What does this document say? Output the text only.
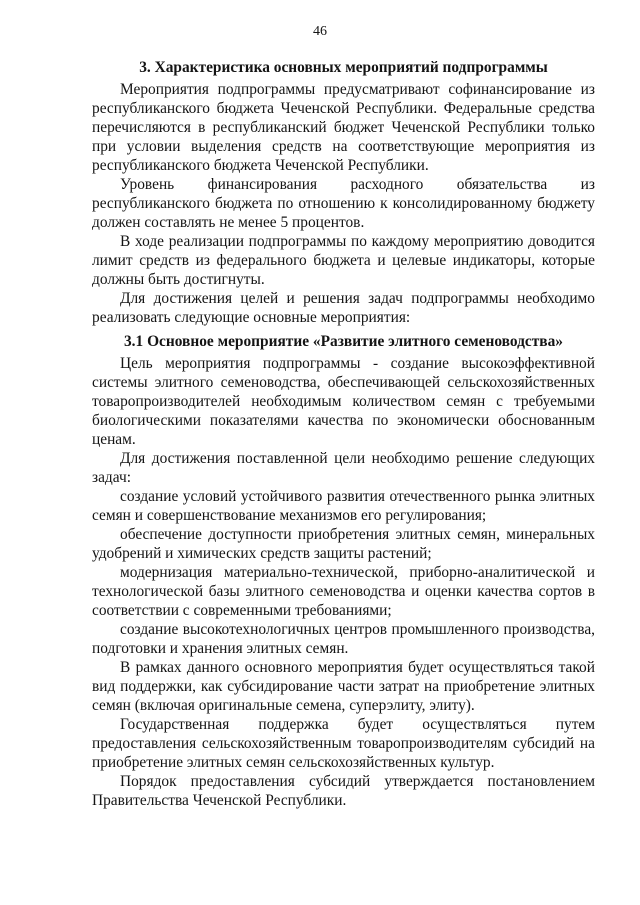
46
3. Характеристика основных мероприятий подпрограммы

Мероприятия подпрограммы предусматривают софинансирование из республиканского бюджета Чеченской Республики. Федеральные средства перечисляются в республиканский бюджет Чеченской Республики только при условии выделения средств на соответствующие мероприятия из республиканского бюджета Чеченской Республики.

Уровень финансирования расходного обязательства из республиканского бюджета по отношению к консолидированному бюджету должен составлять не менее 5 процентов.

В ходе реализации подпрограммы по каждому мероприятию доводится лимит средств из федерального бюджета и целевые индикаторы, которые должны быть достигнуты.

Для достижения целей и решения задач подпрограммы необходимо реализовать следующие основные мероприятия:

3.1 Основное мероприятие «Развитие элитного семеноводства»

Цель мероприятия подпрограммы - создание высокоэффективной системы элитного семеноводства, обеспечивающей сельскохозяйственных товаропроизводителей необходимым количеством семян с требуемыми биологическими показателями качества по экономически обоснованным ценам.

Для достижения поставленной цели необходимо решение следующих задач:

создание условий устойчивого развития отечественного рынка элитных семян и совершенствование механизмов его регулирования;

обеспечение доступности приобретения элитных семян, минеральных удобрений и химических средств защиты растений;

модернизация материально-технической, приборно-аналитической и технологической базы элитного семеноводства и оценки качества сортов в соответствии с современными требованиями;

создание высокотехнологичных центров промышленного производства, подготовки и хранения элитных семян.

В рамках данного основного мероприятия будет осуществляться такой вид поддержки, как субсидирование части затрат на приобретение элитных семян (включая оригинальные семена, суперэлиту, элиту).

Государственная поддержка будет осуществляться путем предоставления сельскохозяйственным товаропроизводителям субсидий на приобретение элитных семян сельскохозяйственных культур.

Порядок предоставления субсидий утверждается постановлением Правительства Чеченской Республики.
